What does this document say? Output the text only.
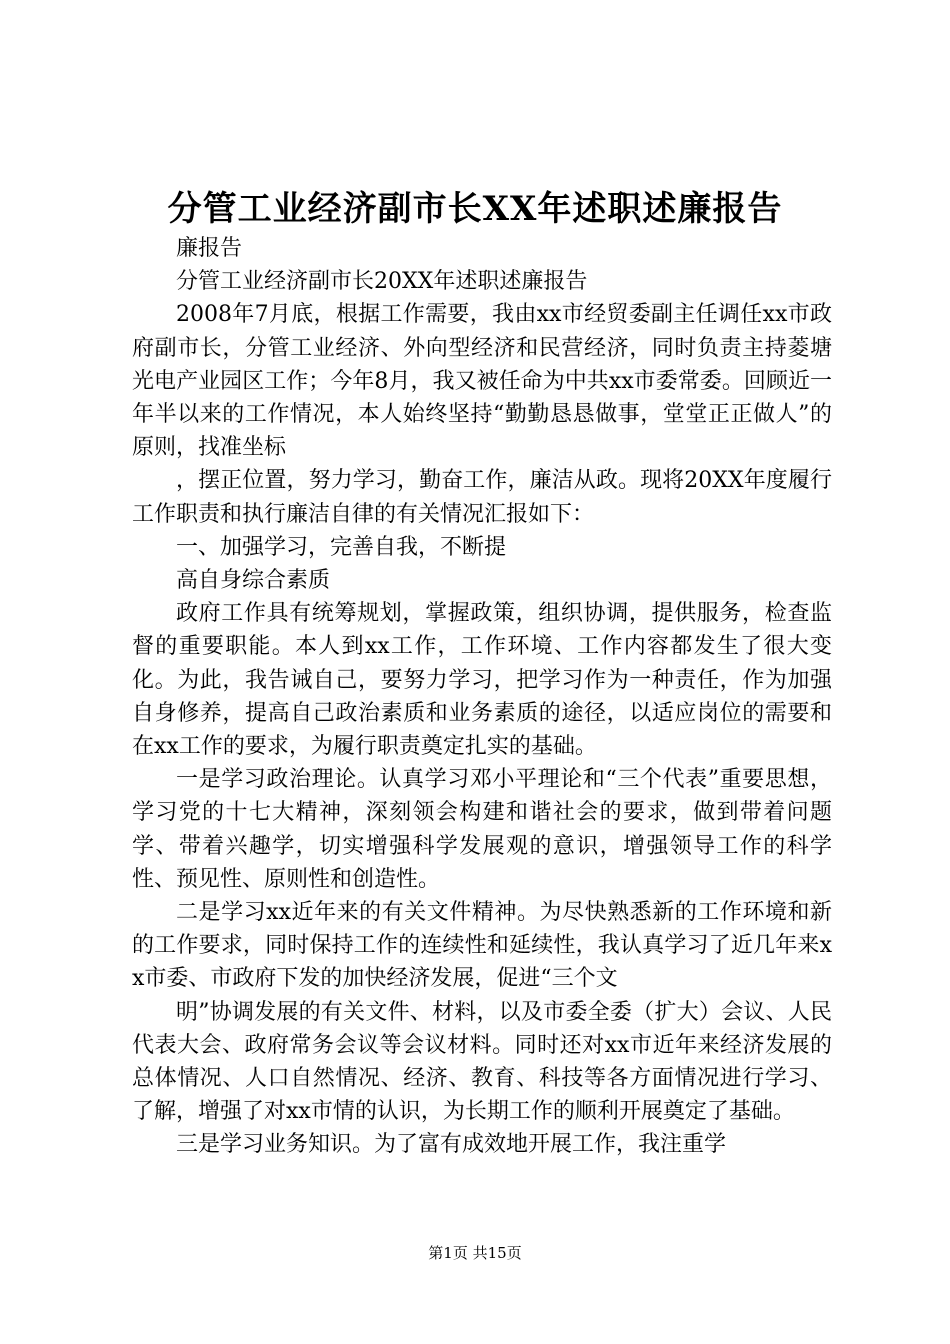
分管工业经济副市长XX年述职述廉报告

廉报告

分管工业经济副市长20XX年述职述廉报告

2008年7月底，根据工作需要，我由xx市经贸委副主任调任xx市政府副市长，分管工业经济、外向型经济和民营经济，同时负责主持菱塘光电产业园区工作；今年8月，我又被任命为中共xx市委常委。回顾近一年半以来的工作情况，本人始终坚持“勤勤恳恳做事，堂堂正正做人”的原则，找准坐标

，摆正位置，努力学习，勤奋工作，廉洁从政。现将20XX年度履行工作职责和执行廉洁自律的有关情况汇报如下：

一、加强学习，完善自我，不断提

高自身综合素质

政府工作具有统筹规划，掌握政策，组织协调，提供服务，检查监督的重要职能。本人到xx工作，工作环境、工作内容都发生了很大变化。为此，我告诫自己，要努力学习，把学习作为一种责任，作为加强自身修养，提高自己政治素质和业务素质的途径，以适应岗位的需要和在xx工作的要求，为履行职责奠定扎实的基础。

一是学习政治理论。认真学习邓小平理论和“三个代表”重要思想，学习党的十七大精神，深刻领会构建和谐社会的要求，做到带着问题学、带着兴趣学，切实增强科学发展观的意识，增强领导工作的科学性、预见性、原则性和创造性。

二是学习xx近年来的有关文件精神。为尽快熟悉新的工作环境和新的工作要求，同时保持工作的连续性和延续性，我认真学习了近几年来xx市委、市政府下发的加快经济发展，促进“三个文

明”协调发展的有关文件、材料，以及市委全委（扩大）会议、人民代表大会、政府常务会议等会议材料。同时还对xx市近年来经济发展的总体情况、人口自然情况、经济、教育、科技等各方面情况进行学习、了解，增强了对xx市情的认识，为长期工作的顺利开展奠定了基础。

三是学习业务知识。为了富有成效地开展工作，我注重学

第1页 共15页
